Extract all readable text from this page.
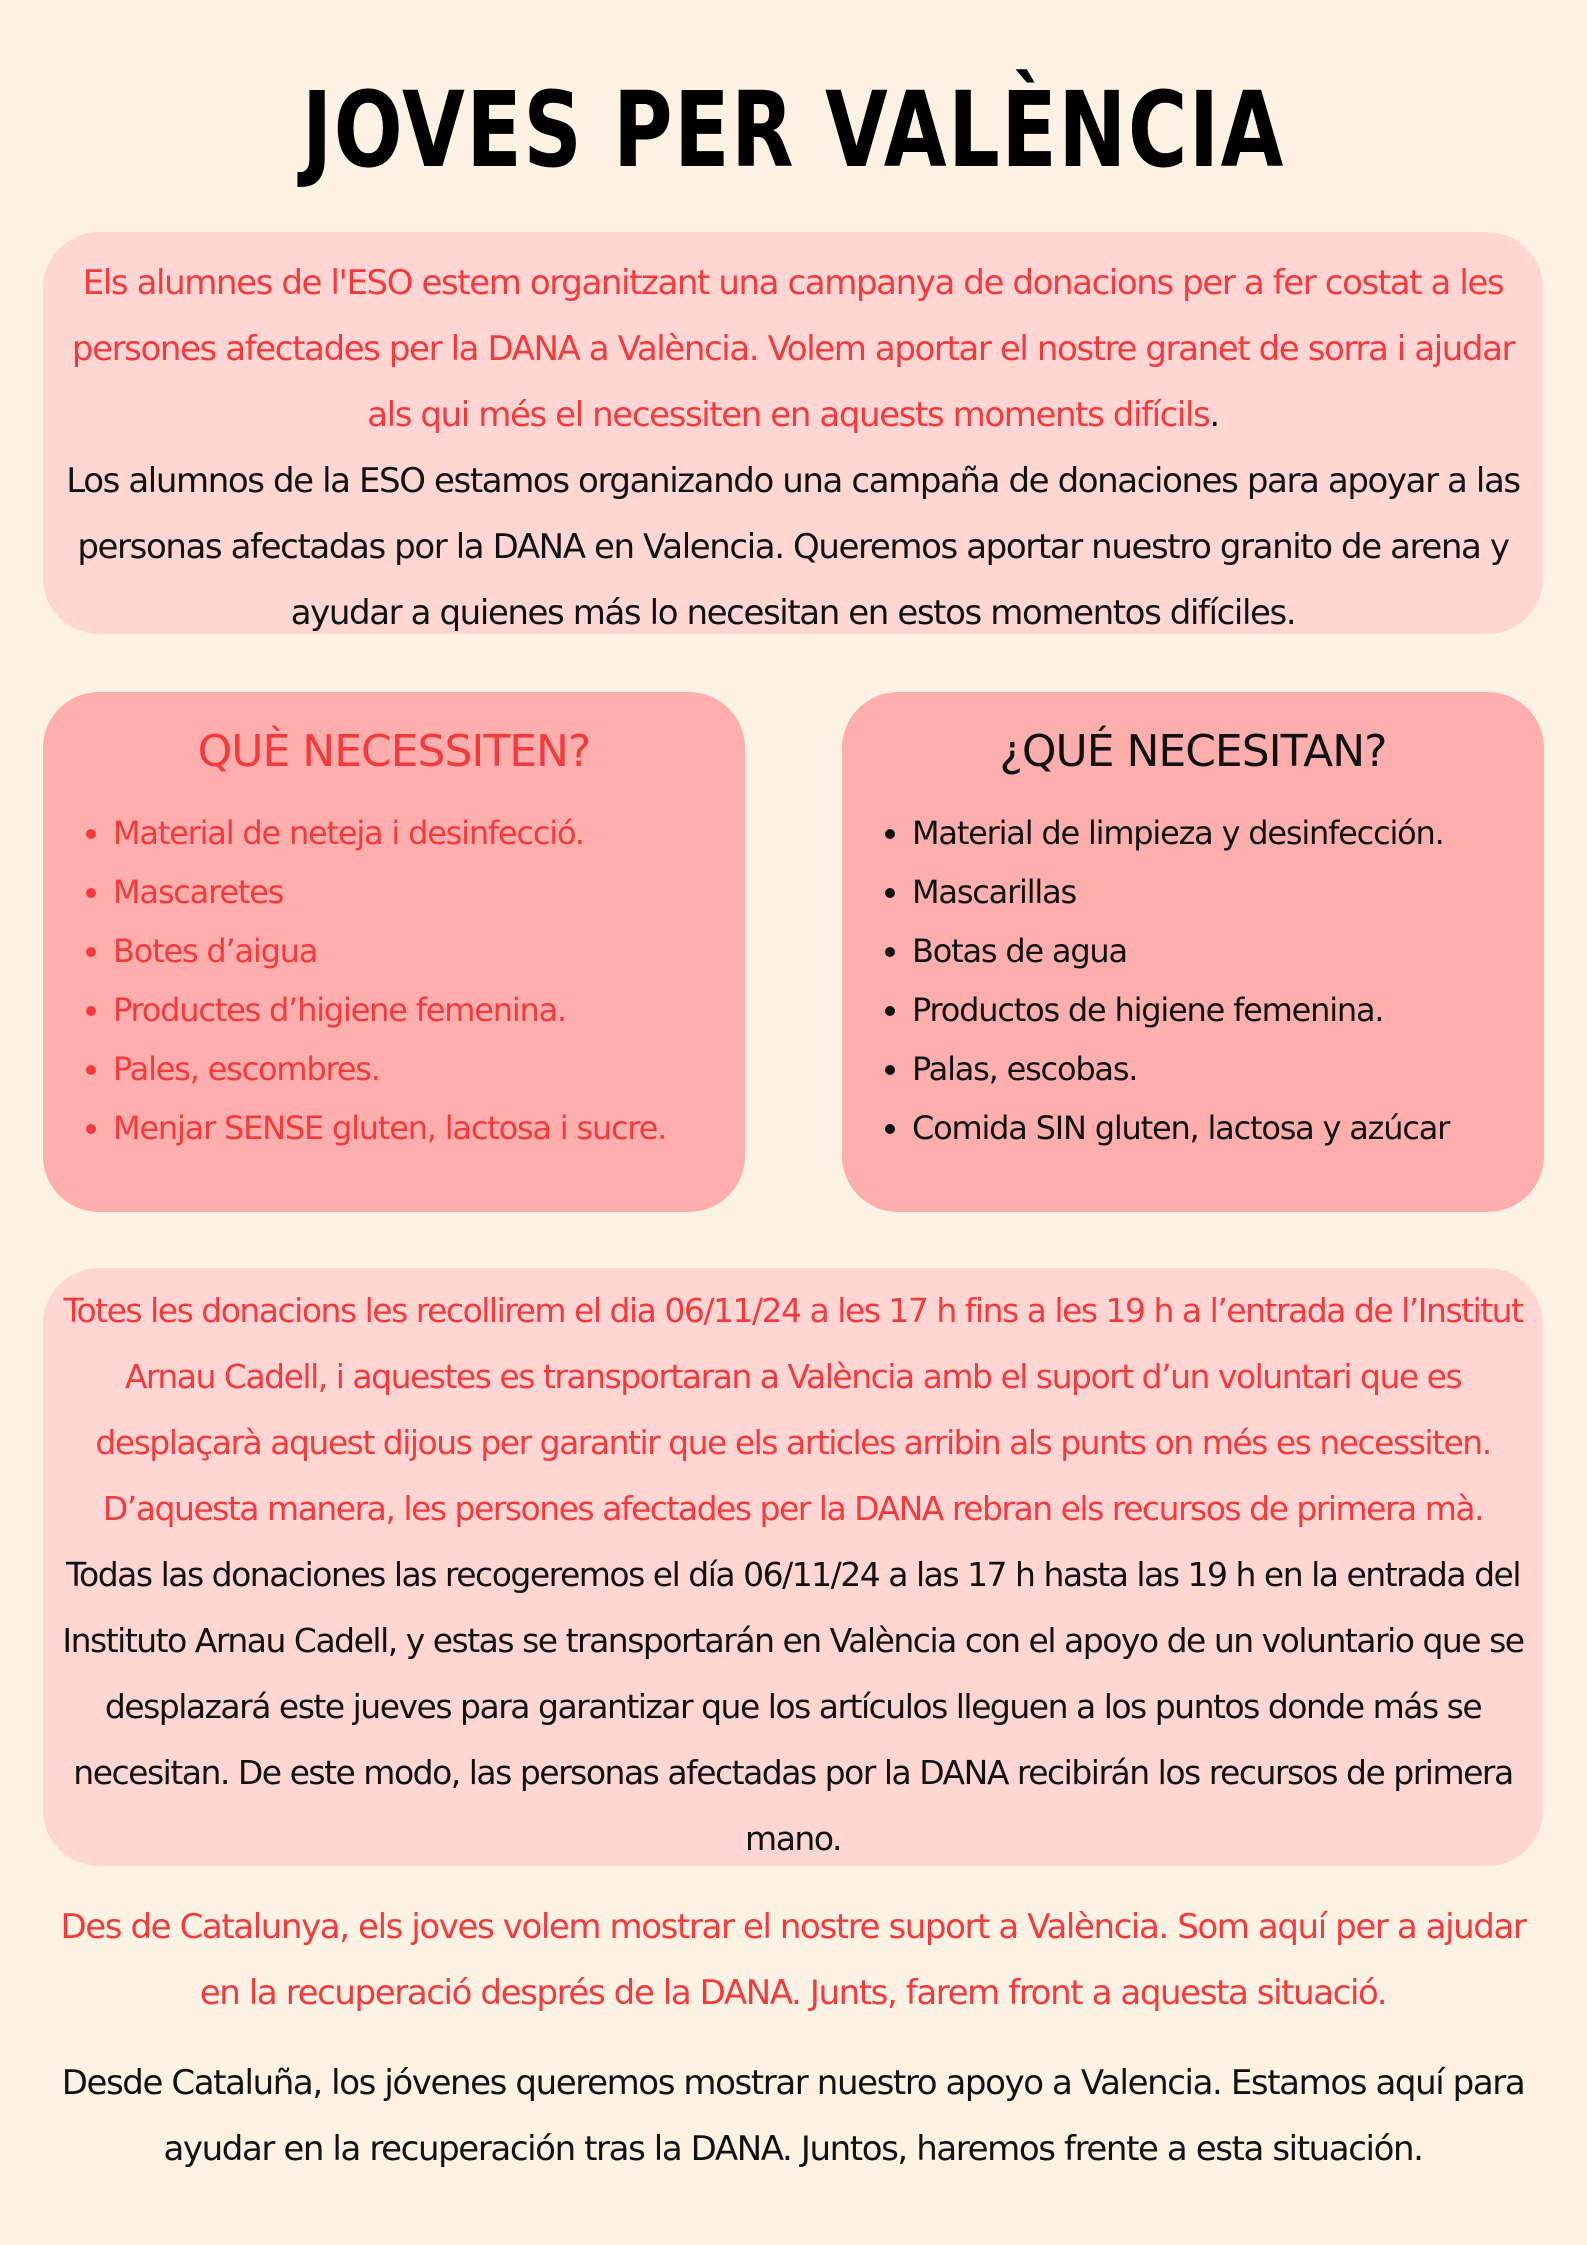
JOVES PER VALÈNCIA

Els alumnes de l'ESO estem organitzant una campanya de donacions per a fer costat a les persones afectades per la DANA a València. Volem aportar el nostre granet de sorra i ajudar als qui més el necessiten en aquests moments difícils.
Los alumnos de la ESO estamos organizando una campaña de donaciones para apoyar a las personas afectadas por la DANA en Valencia. Queremos aportar nuestro granito de arena y ayudar a quienes más lo necesitan en estos momentos difíciles.

QUÈ NECESSITEN?
• Material de neteja i desinfecció.
• Mascaretes
• Botes d’aigua
• Productes d’higiene femenina.
• Pales, escombres.
• Menjar SENSE gluten, lactosa i sucre.
¿QUÉ NECESITAN?
• Material de limpieza y desinfección.
• Mascarillas
• Botas de agua
• Productos de higiene femenina.
• Palas, escobas.
• Comida SIN gluten, lactosa y azúcar

Totes les donacions les recollirem el dia 06/11/24 a les 17 h fins a les 19 h a l’entrada de l’Institut Arnau Cadell, i aquestes es transportaran a València amb el suport d’un voluntari que es desplaçarà aquest dijous per garantir que els articles arribin als punts on més es necessiten. D’aquesta manera, les persones afectades per la DANA rebran els recursos de primera mà.

Todas las donaciones las recogeremos el día 06/11/24 a las 17 h hasta las 19 h en la entrada del Instituto Arnau Cadell, y estas se transportarán en València con el apoyo de un voluntario que se desplazará este jueves para garantizar que los artículos lleguen a los puntos donde más se necesitan. De este modo, las personas afectadas por la DANA recibirán los recursos de primera mano.

Des de Catalunya, els joves volem mostrar el nostre suport a València. Som aquí per a ajudar en la recuperació després de la DANA. Junts, farem front a aquesta situació.

Desde Cataluña, los jóvenes queremos mostrar nuestro apoyo a Valencia. Estamos aquí para ayudar en la recuperación tras la DANA. Juntos, haremos frente a esta situación.
